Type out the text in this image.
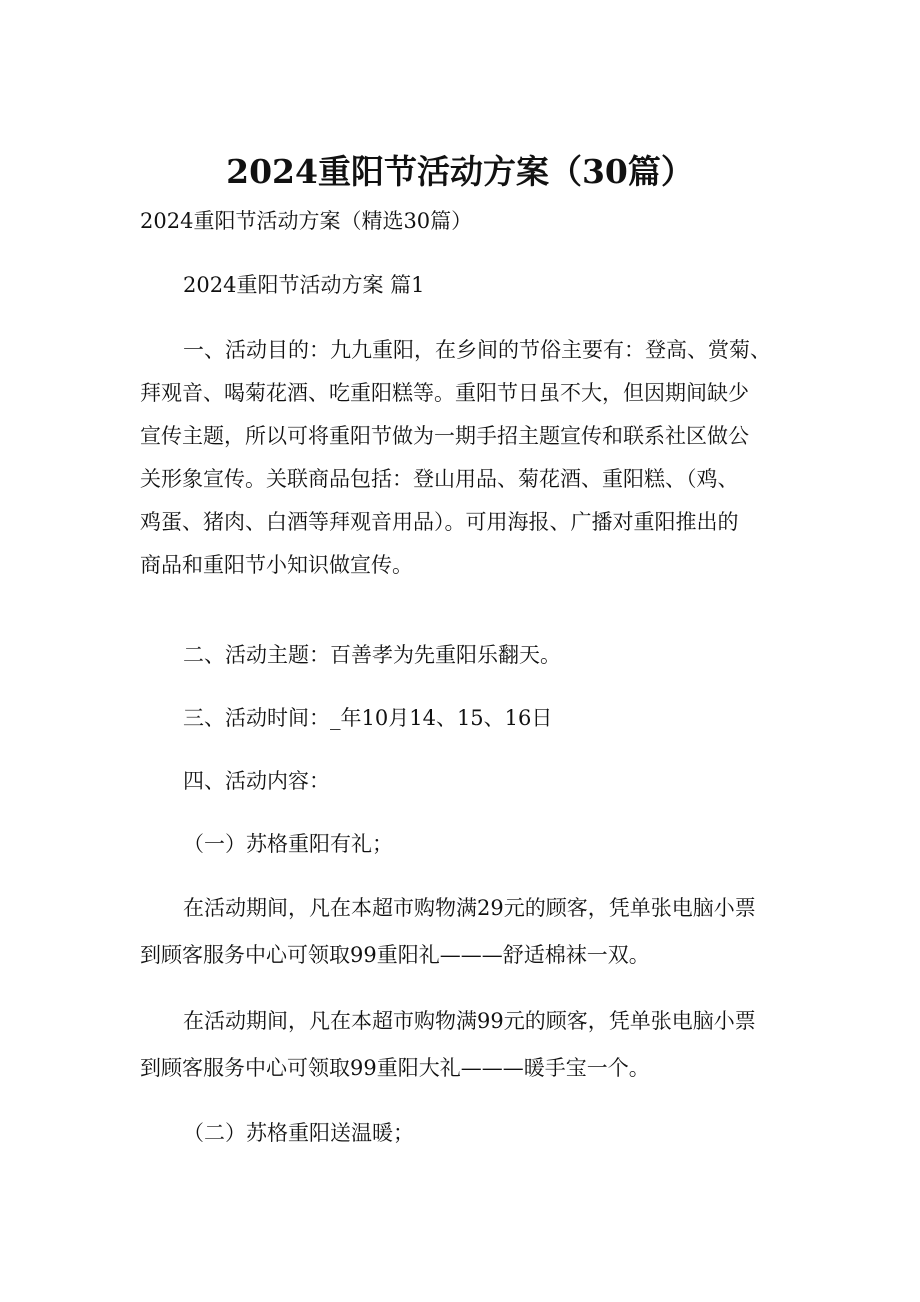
2024重阳节活动方案（30篇）
2024重阳节活动方案（精选30篇）
2024重阳节活动方案 篇1
一、活动目的：九九重阳，在乡间的节俗主要有：登高、赏菊、
拜观音、喝菊花酒、吃重阳糕等。重阳节日虽不大，但因期间缺少
宣传主题，所以可将重阳节做为一期手招主题宣传和联系社区做公
关形象宣传。关联商品包括：登山用品、菊花酒、重阳糕、（鸡、
鸡蛋、猪肉、白酒等拜观音用品）。可用海报、广播对重阳推出的
商品和重阳节小知识做宣传。
二、活动主题：百善孝为先重阳乐翻天。
三、活动时间：_年10月14、15、16日
四、活动内容：
（一）苏格重阳有礼；
在活动期间，凡在本超市购物满29元的顾客，凭单张电脑小票
到顾客服务中心可领取99重阳礼———舒适棉袜一双。
在活动期间，凡在本超市购物满99元的顾客，凭单张电脑小票
到顾客服务中心可领取99重阳大礼———暖手宝一个。
（二）苏格重阳送温暖；
